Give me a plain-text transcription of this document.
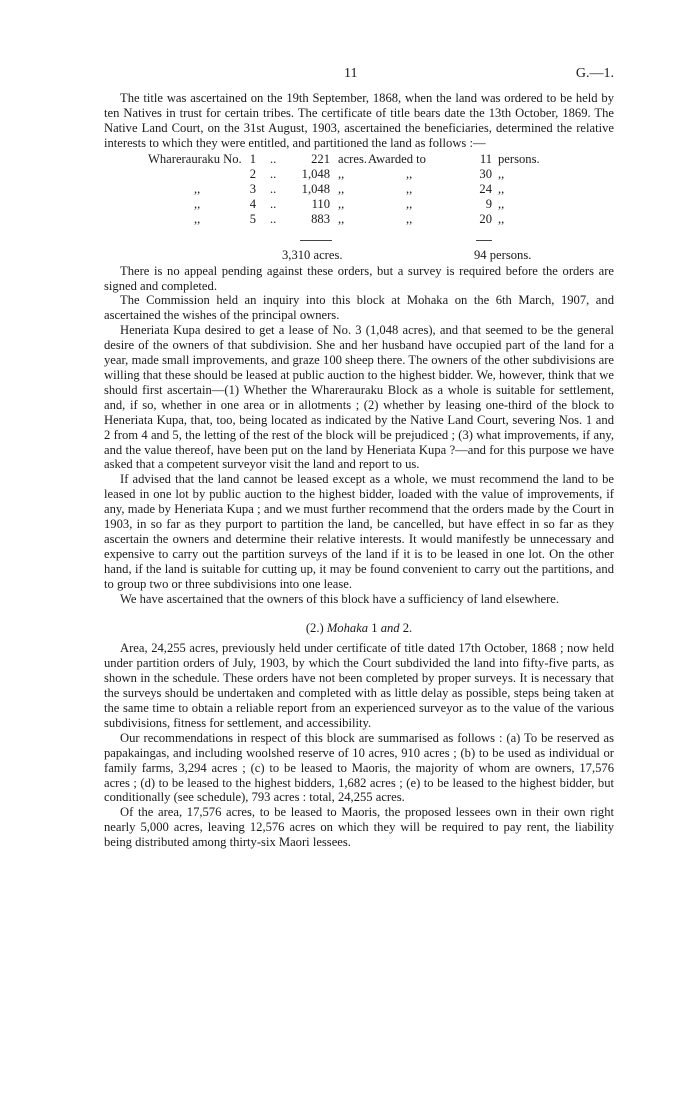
11	G.—1.

The title was ascertained on the 19th September, 1868, when the land was ordered to be held by ten Natives in trust for certain tribes. The certificate of title bears date the 13th October, 1869. The Native Land Court, on the 31st August, 1903, ascertained the beneficiaries, determined the relative interests to which they were entitled, and partitioned the land as follows :—

Wharerauraku No. 1 ..	221 acres. Awarded to	11 persons.
2 ..	1,048 ,,	,,	30 ,,
,,	3 ..	1,048 ,,	,,	24 ,,
,,	4 ..	110 ,,	,,	9 ,,
,,	5 ..	883 ,,	,,	20 ,,
3,310 acres.	94 persons.

There is no appeal pending against these orders, but a survey is required before the orders are signed and completed.

The Commission held an inquiry into this block at Mohaka on the 6th March, 1907, and ascertained the wishes of the principal owners.

Heneriata Kupa desired to get a lease of No. 3 (1,048 acres), and that seemed to be the general desire of the owners of that subdivision. She and her husband have occupied part of the land for a year, made small improvements, and graze 100 sheep there. The owners of the other subdivisions are willing that these should be leased at public auction to the highest bidder. We, however, think that we should first ascertain—(1) Whether the Wharerauraku Block as a whole is suitable for settlement, and, if so, whether in one area or in allotments ; (2) whether by leasing one-third of the block to Heneriata Kupa, that, too, being located as indicated by the Native Land Court, severing Nos. 1 and 2 from 4 and 5, the letting of the rest of the block will be prejudiced ; (3) what improvements, if any, and the value thereof, have been put on the land by Heneriata Kupa ?—and for this purpose we have asked that a competent surveyor visit the land and report to us.

If advised that the land cannot be leased except as a whole, we must recommend the land to be leased in one lot by public auction to the highest bidder, loaded with the value of improvements, if any, made by Heneriata Kupa ; and we must further recommend that the orders made by the Court in 1903, in so far as they purport to partition the land, be cancelled, but have effect in so far as they ascertain the owners and determine their relative interests. It would manifestly be unnecessary and expensive to carry out the partition surveys of the land if it is to be leased in one lot. On the other hand, if the land is suitable for cutting up, it may be found convenient to carry out the partitions, and to group two or three subdivisions into one lease.

We have ascertained that the owners of this block have a sufficiency of land elsewhere.

(2.) Mohaka 1 and 2.

Area, 24,255 acres, previously held under certificate of title dated 17th October, 1868 ; now held under partition orders of July, 1903, by which the Court subdivided the land into fifty-five parts, as shown in the schedule. These orders have not been completed by proper surveys. It is necessary that the surveys should be undertaken and completed with as little delay as possible, steps being taken at the same time to obtain a reliable report from an experienced surveyor as to the value of the various subdivisions, fitness for settlement, and accessibility.

Our recommendations in respect of this block are summarised as follows : (a) To be reserved as papakaingas, and including woolshed reserve of 10 acres, 910 acres ; (b) to be used as individual or family farms, 3,294 acres ; (c) to be leased to Maoris, the majority of whom are owners, 17,576 acres ; (d) to be leased to the highest bidders, 1,682 acres ; (e) to be leased to the highest bidder, but conditionally (see schedule), 793 acres : total, 24,255 acres.

Of the area, 17,576 acres, to be leased to Maoris, the proposed lessees own in their own right nearly 5,000 acres, leaving 12,576 acres on which they will be required to pay rent, the liability being distributed among thirty-six Maori lessees.
